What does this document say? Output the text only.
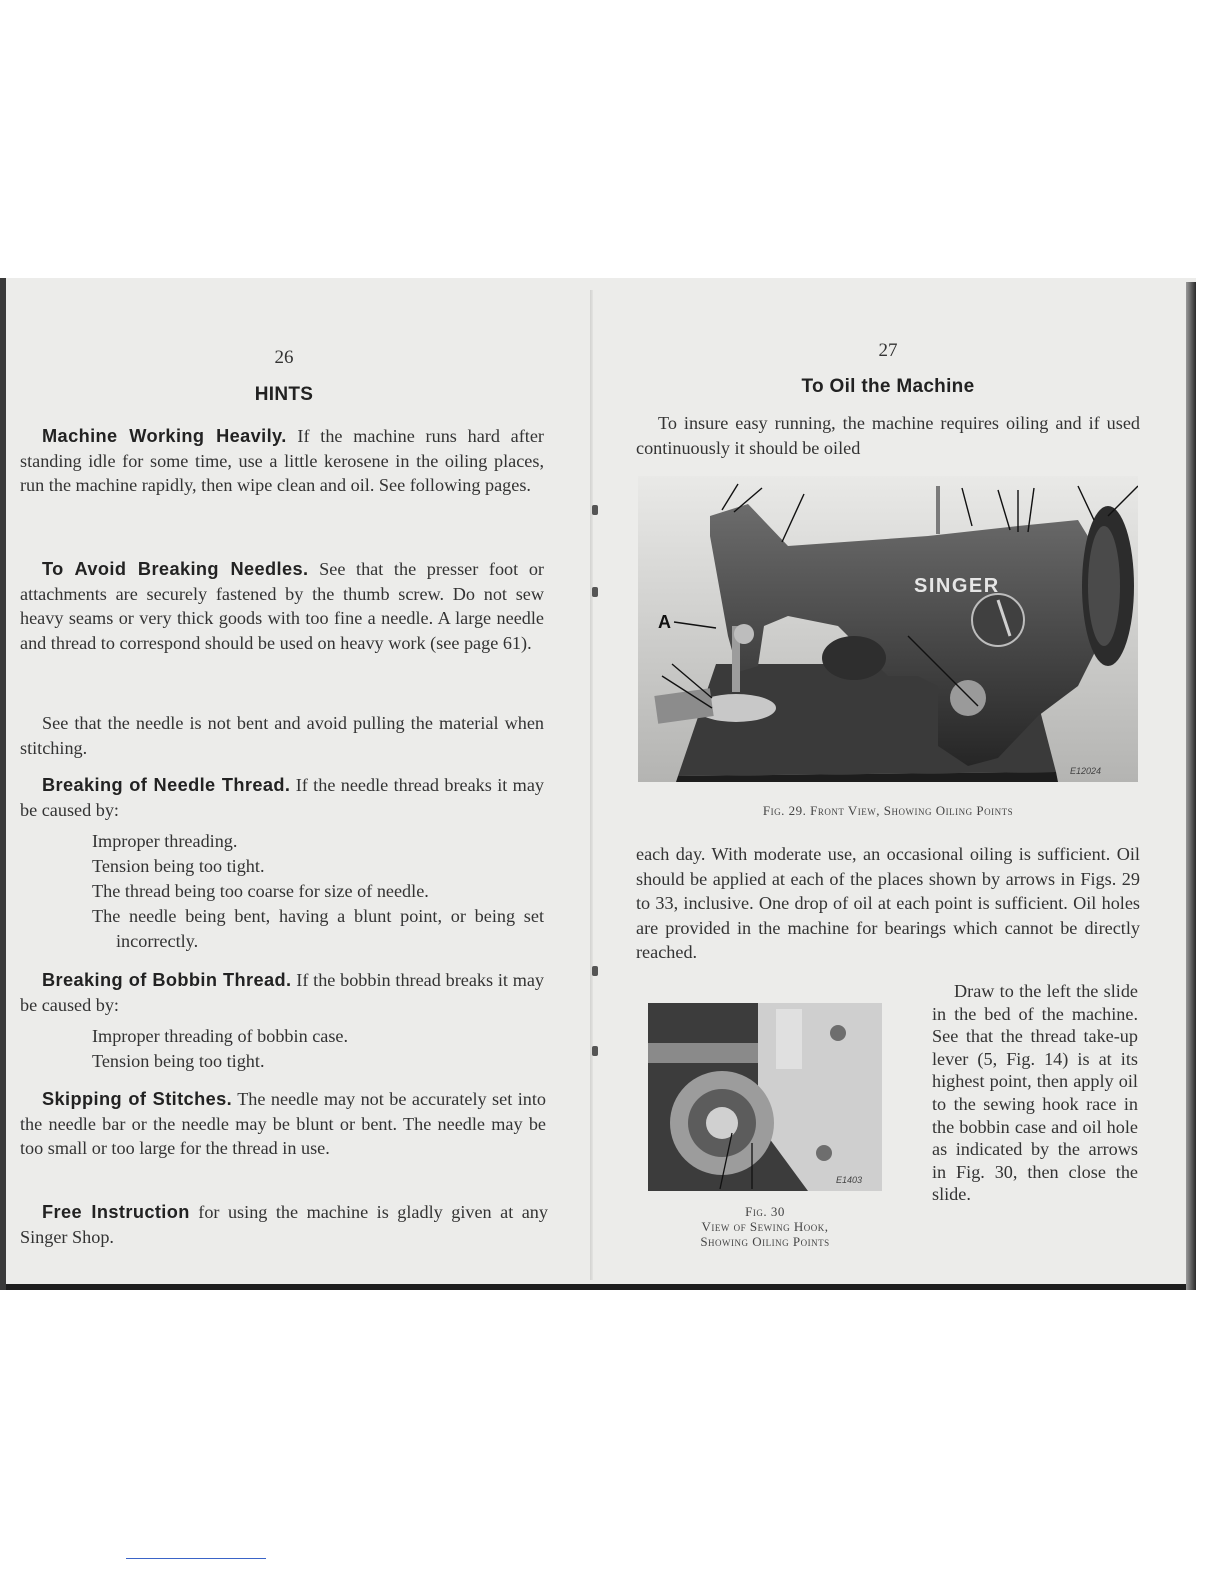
26
HINTS

Machine Working Heavily. If the machine runs hard after standing idle for some time, use a little kerosene in the oiling places, run the machine rapidly, then wipe clean and oil. See following pages.

To Avoid Breaking Needles. See that the presser foot or attachments are securely fastened by the thumb screw. Do not sew heavy seams or very thick goods with too fine a needle. A large needle and thread to correspond should be used on heavy work (see page 61).

See that the needle is not bent and avoid pulling the material when stitching.

Breaking of Needle Thread. If the needle thread breaks it may be caused by:

Improper threading.
Tension being too tight.
The thread being too coarse for size of needle.
The needle being bent, having a blunt point, or being set incorrectly.

Breaking of Bobbin Thread. If the bobbin thread breaks it may be caused by:

Improper threading of bobbin case.
Tension being too tight.

Skipping of Stitches. The needle may not be accurately set into the needle bar or the needle may be blunt or bent. The needle may be too small or too large for the thread in use.

Free Instruction for using the machine is gladly given at any Singer Shop.

27
To Oil the Machine

To insure easy running, the machine requires oiling and if used continuously it should be oiled

SINGER
A
E12024
Fig. 29. Front View, Showing Oiling Points

each day. With moderate use, an occasional oiling is sufficient. Oil should be applied at each of the places shown by arrows in Figs. 29 to 33, inclusive. One drop of oil at each point is sufficient. Oil holes are provided in the machine for bearings which cannot be directly reached.

E1403
Fig. 30
View of Sewing Hook,
Showing Oiling Points

Draw to the left the slide in the bed of the machine. See that the thread take-up lever (5, Fig. 14) is at its highest point, then apply oil to the sewing hook race in the bobbin case and oil hole as indicated by the arrows in Fig. 30, then close the slide.
